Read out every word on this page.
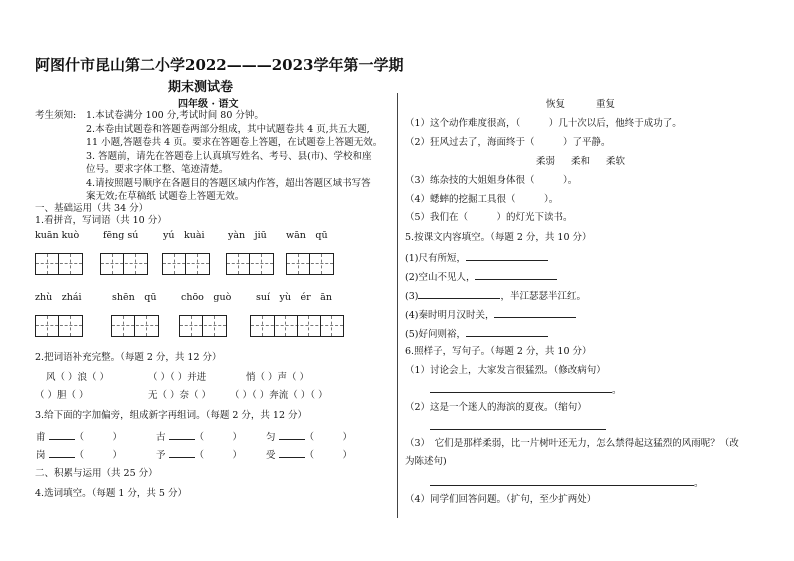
阿图什市昆山第二小学2022———2023学年第一学期
期末测试卷
四年级 · 语文
考生须知: 1.本试卷满分 100 分,考试时间 80 分钟。
2.本卷由试题卷和答题卷两部分组成，其中试题卷共 4 页,共五大题,
11 小题,答题卷共 4 页。要求在答题卷上答题，在试题卷上答题无效。
3. 答题前，请先在答题卷上认真填写姓名、考号、县(市)、学校和座
位号。要求字体工整、笔迹清楚。
4.请按照题号顺序在各题目的答题区域内作答，超出答题区域书写答
案无效;在草稿纸 试题卷上答题无效。
一、基础运用（共 34 分）
1.看拼音，写词语（共 10 分）
kuān kuò fēng sú	yú　kuài yàn　jiū wān　qū
zhù　zhái	shēn　qū	chōo　guò	suí　yù　ér　ān
2.把词语补充完整。（每题 2 分，共 12 分）
风（ ）浪（ ）	（ ）（ ）并进	悄（ ）声（ ）
（ ）胆（ ）	无（ ）奈（ ） （ ）（ ）奔流（ ）（ ）
3.给下面的字加偏旁，组成新字再组词。（每题 2 分，共 12 分）
甫	（　　　）	古	（　　　）	匀	（　　　）
岗	（　　　）	予	（　　　）	受	（　　　）
二、积累与运用（共 25 分）
4.选词填空。（每题 1 分，共 5 分）
恢复	重复
（1）这个动作难度很高，（　　　）几十次以后，他终于成功了。
（2）狂风过去了，海面终于（　　　）了平静。
柔弱 柔和 柔软
（3）练杂技的大姐姐身体很（　　　）。
（4）蟋蟀的挖掘工具很（　　　）。
（5）我们在（　　　）的灯光下读书。
5.按课文内容填空。（每题 2 分，共 10 分）
(1)尺有所短，
(2)空山不见人，
(3)	，半江瑟瑟半江红。
(4)秦时明月汉时关，
(5)好问则裕，
6.照样子，写句子。（每题 2 分，共 10 分）
（1）讨论会上，大家发言很猛烈。（修改病句）
。
（2）这是一个迷人的海滨的夏夜。（缩句）
（3）　它们是那样柔弱，比一片树叶还无力，怎么禁得起这猛烈的风雨呢？（改
为陈述句)
。
（4）同学们回答问题。（扩句，至少扩两处）
